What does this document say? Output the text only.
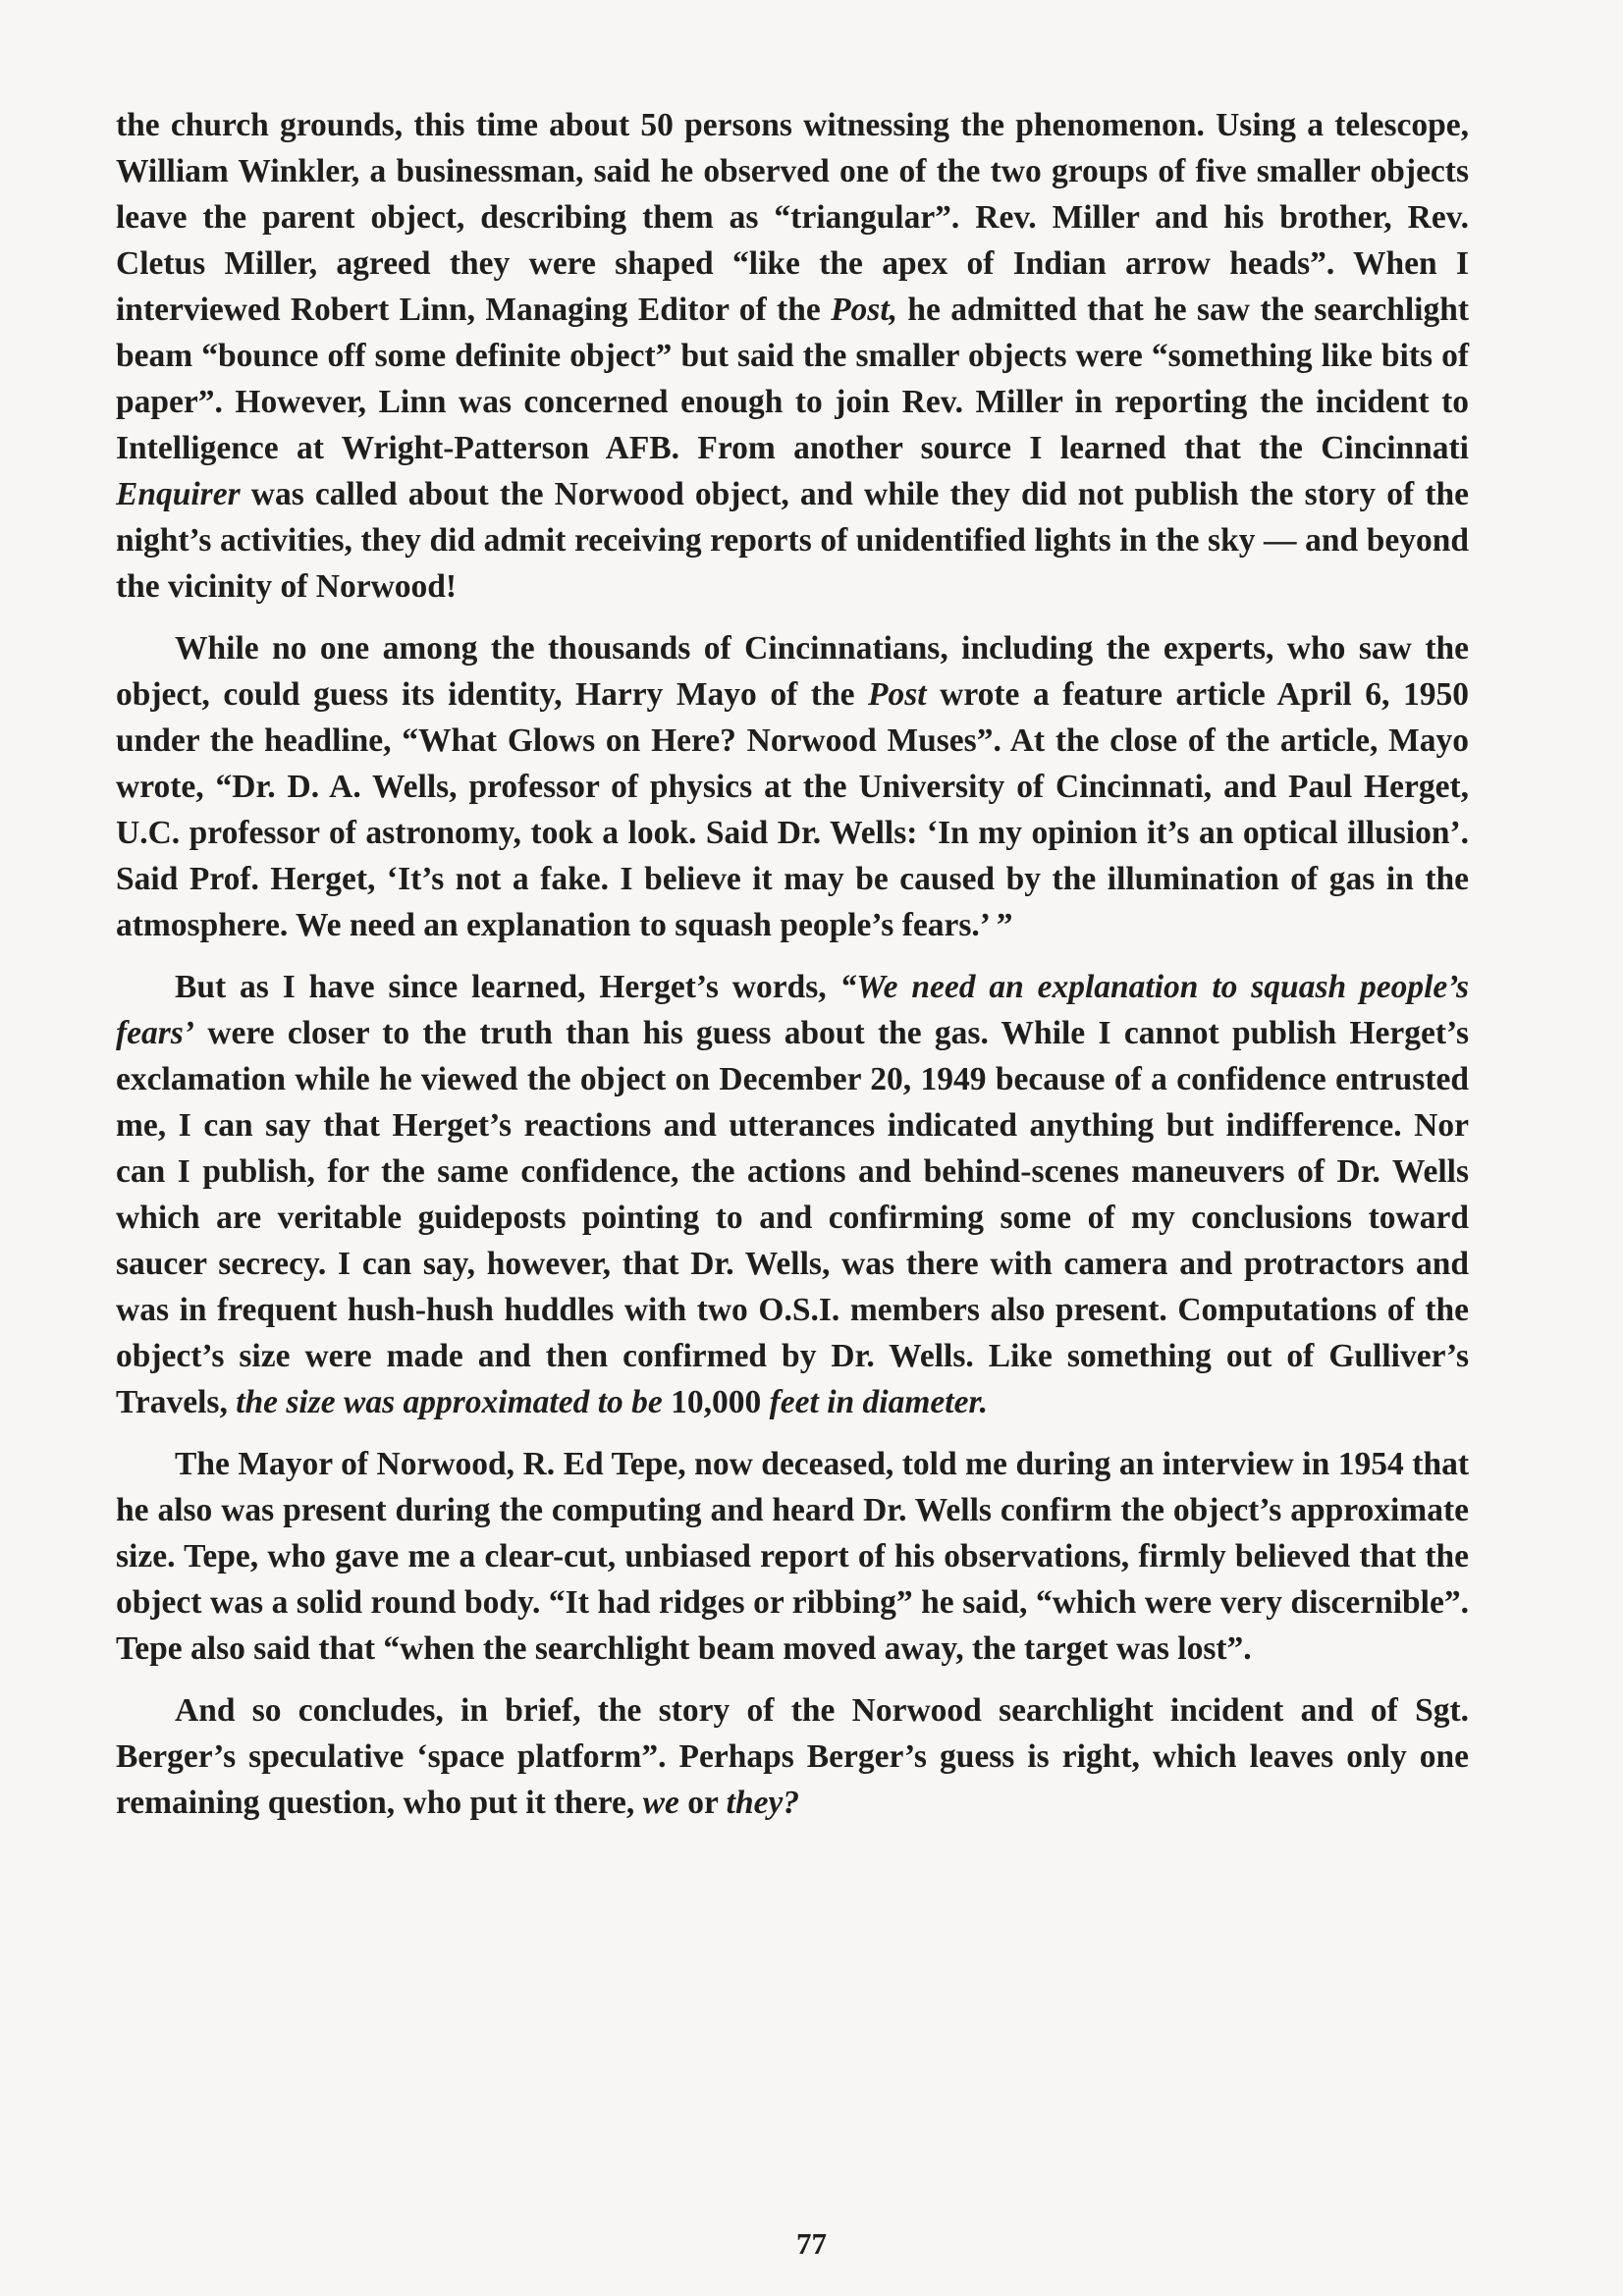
the church grounds, this time about 50 persons witnessing the phenomenon. Using a telescope, William Winkler, a businessman, said he observed one of the two groups of five smaller objects leave the parent object, describing them as “triangular”. Rev. Miller and his brother, Rev. Cletus Miller, agreed they were shaped “like the apex of Indian arrow heads”. When I interviewed Robert Linn, Managing Editor of the Post, he admitted that he saw the searchlight beam “bounce off some definite object” but said the smaller objects were “something like bits of paper”. However, Linn was concerned enough to join Rev. Miller in reporting the incident to Intelligence at Wright-Patterson AFB. From another source I learned that the Cincinnati Enquirer was called about the Norwood object, and while they did not publish the story of the night’s activities, they did admit receiving reports of unidentified lights in the sky — and beyond the vicinity of Norwood!

While no one among the thousands of Cincinnatians, including the experts, who saw the object, could guess its identity, Harry Mayo of the Post wrote a feature article April 6, 1950 under the headline, “What Glows on Here? Norwood Muses”. At the close of the article, Mayo wrote, “Dr. D. A. Wells, professor of physics at the University of Cincinnati, and Paul Herget, U.C. professor of astronomy, took a look. Said Dr. Wells: ‘In my opinion it’s an optical illusion’. Said Prof. Herget, ‘It’s not a fake. I believe it may be caused by the illumination of gas in the atmosphere. We need an explanation to squash people’s fears.’ ”

But as I have since learned, Herget’s words, “We need an explanation to squash people’s fears’ were closer to the truth than his guess about the gas. While I cannot publish Herget’s exclamation while he viewed the object on December 20, 1949 because of a confidence entrusted me, I can say that Herget’s reactions and utterances indicated anything but indifference. Nor can I publish, for the same confidence, the actions and behind-scenes maneuvers of Dr. Wells which are veritable guideposts pointing to and confirming some of my conclusions toward saucer secrecy. I can say, however, that Dr. Wells, was there with camera and protractors and was in frequent hush-hush huddles with two O.S.I. members also present. Computations of the object’s size were made and then confirmed by Dr. Wells. Like something out of Gulliver’s Travels, the size was approximated to be 10,000 feet in diameter.

The Mayor of Norwood, R. Ed Tepe, now deceased, told me during an interview in 1954 that he also was present during the computing and heard Dr. Wells confirm the object’s approximate size. Tepe, who gave me a clear-cut, unbiased report of his observations, firmly believed that the object was a solid round body. “It had ridges or ribbing” he said, “which were very discernible”. Tepe also said that “when the searchlight beam moved away, the target was lost”.

And so concludes, in brief, the story of the Norwood searchlight incident and of Sgt. Berger’s speculative ‘space platform”. Perhaps Berger’s guess is right, which leaves only one remaining question, who put it there, we or they?

77
